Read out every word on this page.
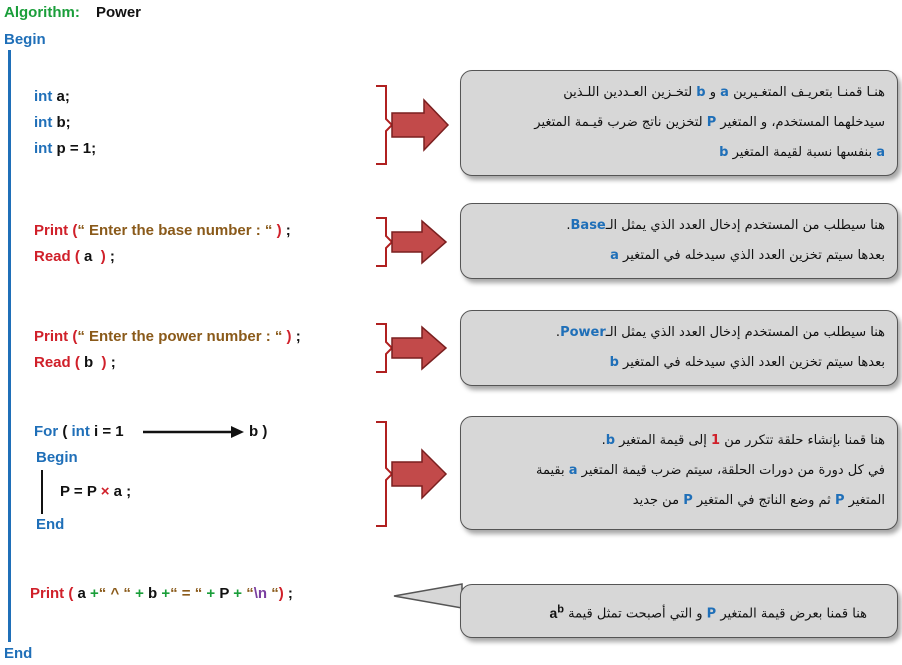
Algorithm: Power
Begin
int a;
int b;
int p = 1;
Print (“ Enter the base number : “ ) ;
Read ( a ) ;
Print (“ Enter the power number : “ ) ;
Read ( b ) ;
For ( int i = 1	b )
Begin
P = P × a ;
End
Print ( a +“ ^ “ + b +“ = “ + P + “\n “) ;
End
هنـا قمنـا بتعريـف المتغـيرين a و b لتخـزين العـددين اللـذين
سيدخلهما المستخدم، و المتغير P لتخزين ناتج ضرب قيـمة المتغير
a بنفسها نسبة لقيمة المتغير b
هنا سيطلب من المستخدم إدخال العدد الذي يمثل الـBase.
بعدها سيتم تخزين العدد الذي سيدخله في المتغير a
هنا سيطلب من المستخدم إدخال العدد الذي يمثل الـPower.
بعدها سيتم تخزين العدد الذي سيدخله في المتغير b
هنا قمنا بإنشاء حلقة تتكرر من 1 إلى قيمة المتغير b.
في كل دورة من دورات الحلقة، سيتم ضرب قيمة المتغير a بقيمة
المتغير P ثم وضع الناتج في المتغير P من جديد
هنا قمنا بعرض قيمة المتغير P و التي أصبحت تمثل قيمة $a^b$
